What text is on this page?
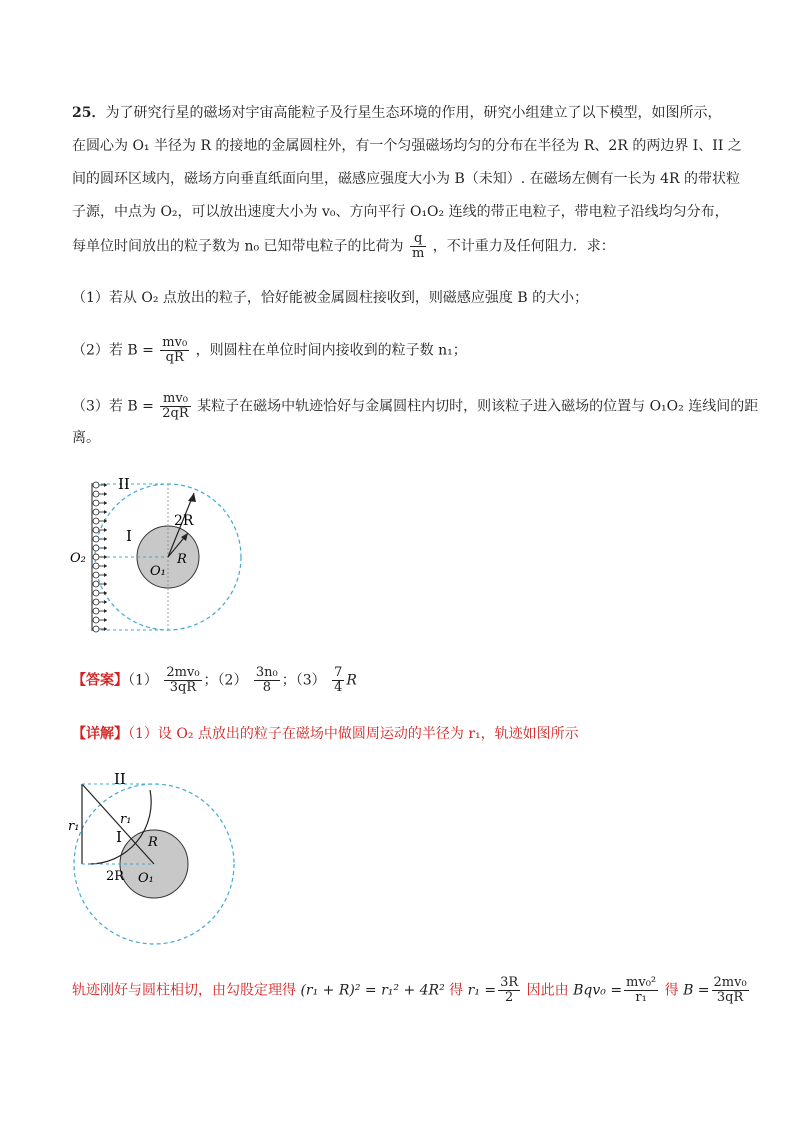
25．为了研究行星的磁场对宇宙高能粒子及行星生态环境的作用，研究小组建立了以下模型，如图所示，
在圆心为 O₁ 半径为 R 的接地的金属圆柱外，有一个匀强磁场均匀的分布在半径为 R、2R 的两边界 I、II 之
间的圆环区域内，磁场方向垂直纸面向里，磁感应强度大小为 B（未知）. 在磁场左侧有一长为 4R 的带状粒
子源，中点为 O₂，可以放出速度大小为 v₀、方向平行 O₁O₂ 连线的带正电粒子，带电粒子沿线均匀分布，
每单位时间放出的粒子数为 n₀ 已知带电粒子的比荷为 $\frac{q}{m}$ ，不计重力及任何阻力．求：
（1）若从 O₂ 点放出的粒子，恰好能被金属圆柱接收到，则磁感应强度 B 的大小；
（2）若 $B = \frac{\text{mv₀}}{qR}$ ，则圆柱在单位时间内接收到的粒子数 n₁；
（3）若 $B = \frac{\text{mv₀}}{2qR}$ 某粒子在磁场中轨迹恰好与金属圆柱内切时，则该粒子进入磁场的位置与 O₁O₂ 连线间的距
离。
II
I
2R
R
O₁
O₂
【答案】$(1) \frac{\text{2mv₀}}{3qR}$ ；$(2) \frac{\text{3n₀}}{8}$ ；$(3) \frac{7}{4}$ R
【详解】（1）设 O₂ 点放出的粒子在磁场中做圆周运动的半径为 r₁，轨迹如图所示
II
I
r₁	r₁
R
2R O₁
轨迹刚好与圆柱相切，由勾股定理得 (r₁ + R)² = r₁² + 4R² 得 $r_1 = \frac{3R}{2}$ 因此由 $Bqv_0 = \frac{\text{mv₀²}}{\text{r₁}}$ 得 $B = \frac{\text{2mv₀}}{3qR}$
